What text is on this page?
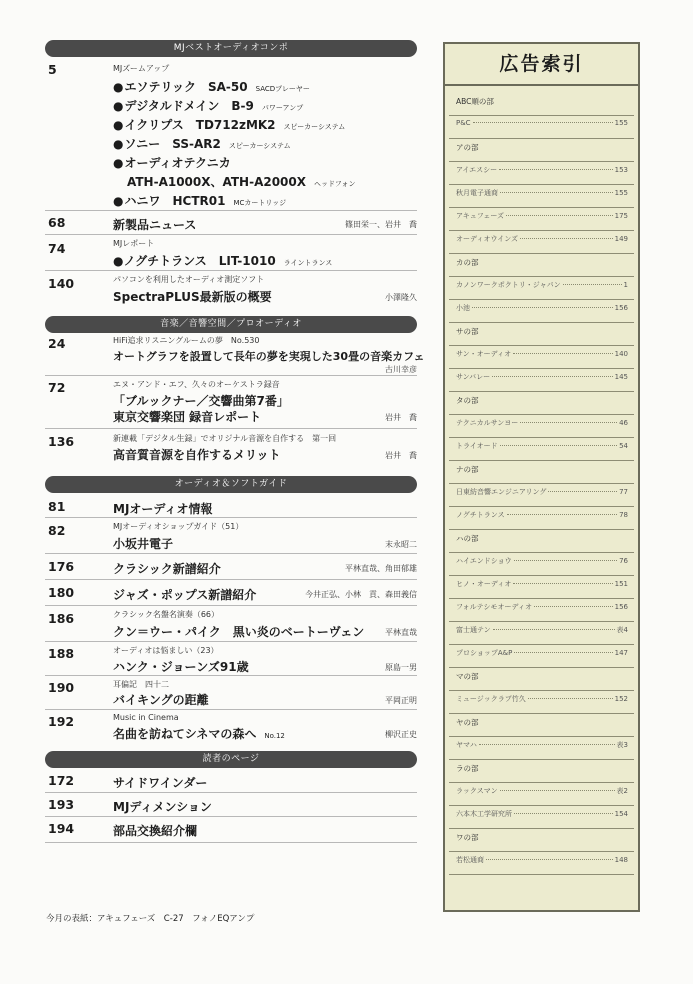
MJベストオーディオコンポ
5	MJズームアップ
●エソテリック　SA-50 SACDプレーヤー
●デジタルドメイン　B-9 パワーアンプ
●イクリプス　TD712zMK2 スピーカーシステム
●ソニー　SS-AR2 スピーカーシステム
●オーディオテクニカ
ATH-A1000X、ATH-A2000X ヘッドフォン
●ハニワ　HCTR01 MCカートリッジ
68	新製品ニュース	篠田栄一、岩井　喬
74	MJレポート
●ノグチトランス　LIT-1010 ライントランス
140	パソコンを利用したオーディオ測定ソフト
SpectraPLUS最新版の概要	小澤隆久
音楽／音響空間／プロオーディオ
24	HiFi追求リスニングルームの夢　No.530
オートグラフを設置して長年の夢を実現した30畳の音楽カフェ
古川幸彦
72	エヌ・アンド・エフ、久々のオーケストラ録音
「ブルックナー／交響曲第7番」
東京交響楽団 録音レポート	岩井　喬
136	新連載「デジタル生録」でオリジナル音源を自作する　第一回
高音質音源を自作するメリット	岩井　喬
オーディオ＆ソフトガイド
81	MJオーディオ情報
82	MJオーディオショップガイド（51）
小坂井電子	末永昭二
176	クラシック新譜紹介	平林直哉、角田郁雄
180	ジャズ・ポップス新譜紹介	今井正弘、小林　貢、森田義信
186	クラシック名盤名演奏（66）
クン＝ウー・パイク　黒い炎のベートーヴェン	平林直哉
188	オーディオは悩ましい（23）
ハンク・ジョーンズ91歳	原島一男
190	耳偏記　四十二
バイキングの距離	平岡正明
192	Music in Cinema
名曲を訪ねてシネマの森へ No.12	柳沢正史
読者のページ
172	サイドワインダー
193	MJディメンション
194	部品交換紹介欄
今月の表紙：アキュフェーズ　C-27　フォノEQアンプ
広告索引
ABC順の部
P&C	155
アの部
アイエスシー	153
秋月電子通商	155
アキュフェーズ	175
オーディオウインズ	149
カの部
カノンワークポクトリ・ジャパン	1
小池	156
サの部
サン・オーディオ	140
サンバレー	145
タの部
テクニカルサンヨー	46
トライオード	54
ナの部
日東紡音響エンジニアリング	77
ノグチトランス	78
ハの部
ハイエンドショウ	76
ヒノ・オーディオ	151
フォルテシモオーディオ	156
富士通テン	表4
プロショップA&P	147
マの部
ミュージックラブ竹久	152
ヤの部
ヤマハ	表3
ラの部
ラックスマン	表2
六本木工学研究所	154
ワの部
若松通商	148
